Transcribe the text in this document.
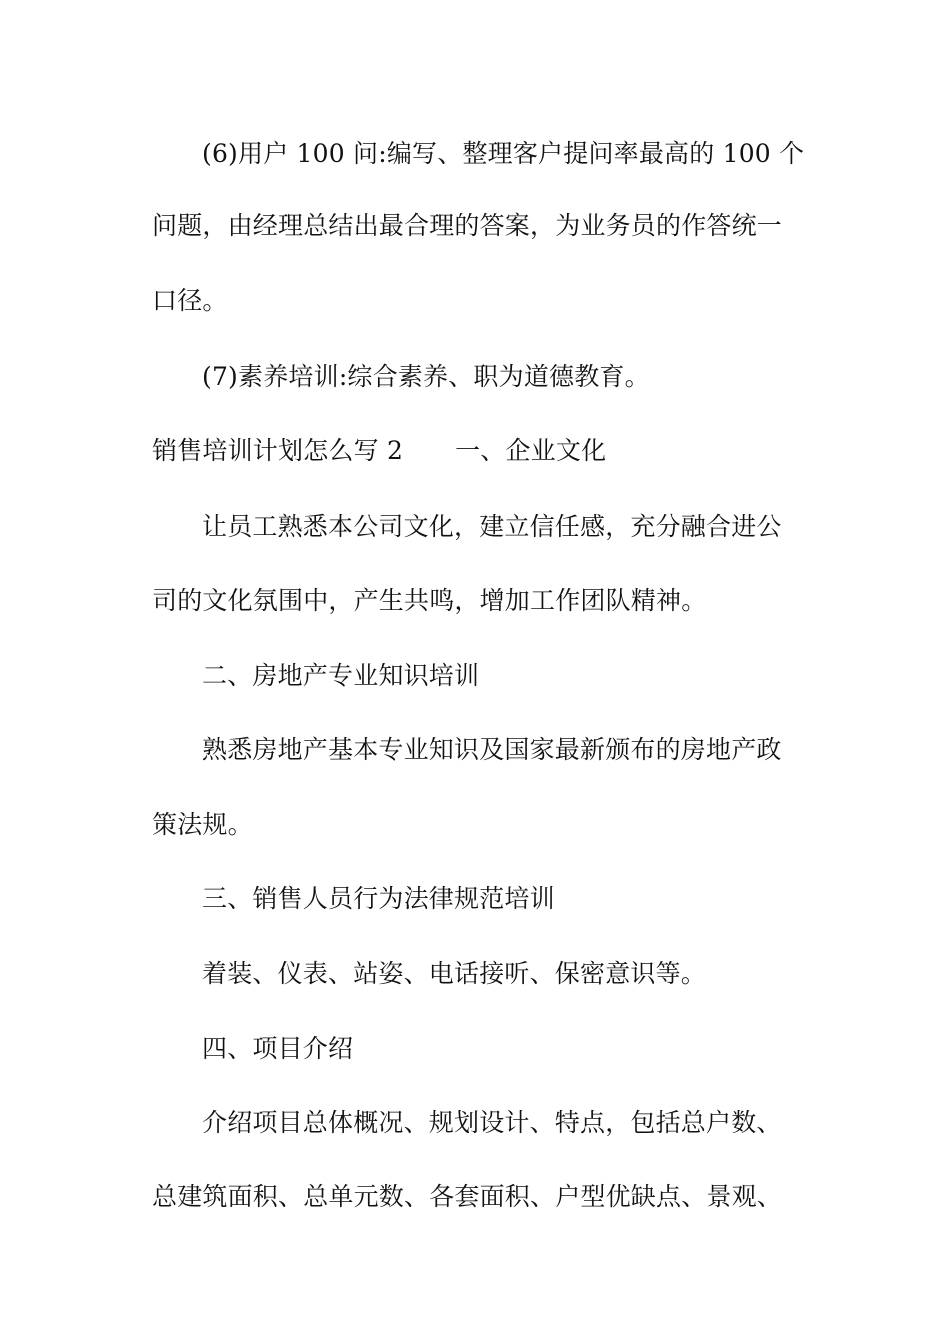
(6)用户 100 问:编写、整理客户提问率最高的 100 个
问题，由经理总结出最合理的答案，为业务员的作答统一
口径。
(7)素养培训:综合素养、职为道德教育。
销售培训计划怎么写 2 一、企业文化
让员工熟悉本公司文化，建立信任感，充分融合进公
司的文化氛围中，产生共鸣，增加工作团队精神。
二、房地产专业知识培训
熟悉房地产基本专业知识及国家最新颁布的房地产政
策法规。
三、销售人员行为法律规范培训
着装、仪表、站姿、电话接听、保密意识等。
四、项目介绍
介绍项目总体概况、规划设计、特点，包括总户数、
总建筑面积、总单元数、各套面积、户型优缺点、景观、
